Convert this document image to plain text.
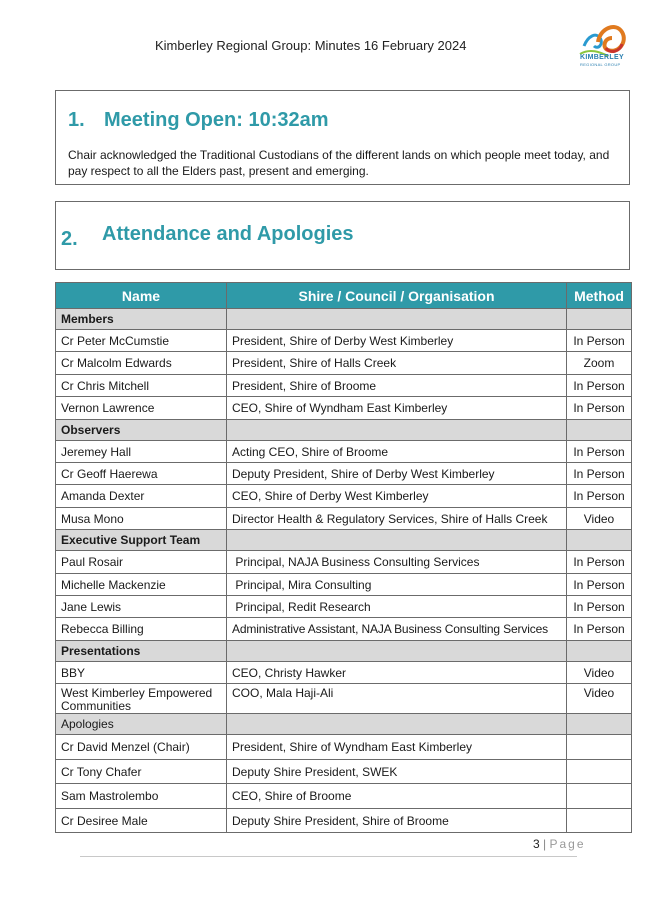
Kimberley Regional Group: Minutes 16 February 2024
KIMBERLEY
REGIONAL GROUP
1. Meeting Open: 10:32am
Chair acknowledged the Traditional Custodians of the different lands on which people meet today, and pay respect to all the Elders past, present and emerging.
2. Attendance and Apologies
Name	Shire / Council / Organisation	Method
Members		
Cr Peter McCumstie	President, Shire of Derby West Kimberley	In Person
Cr Malcolm Edwards	President, Shire of Halls Creek	Zoom
Cr Chris Mitchell	President, Shire of Broome	In Person
Vernon Lawrence	CEO, Shire of Wyndham East Kimberley	In Person
Observers		
Jeremey Hall	Acting CEO, Shire of Broome	In Person
Cr Geoff Haerewa	Deputy President, Shire of Derby West Kimberley	In Person
Amanda Dexter	CEO, Shire of Derby West Kimberley	In Person
Musa Mono	Director Health & Regulatory Services, Shire of Halls Creek	Video
Executive Support Team		
Paul Rosair	Principal, NAJA Business Consulting Services	In Person
Michelle Mackenzie	Principal, Mira Consulting	In Person
Jane Lewis	Principal, Redit Research	In Person
Rebecca Billing	Administrative Assistant, NAJA Business Consulting Services	In Person
Presentations		
BBY	CEO, Christy Hawker	Video
West Kimberley Empowered Communities	COO, Mala Haji-Ali	Video
Apologies		
Cr David Menzel (Chair)	President, Shire of Wyndham East Kimberley	
Cr Tony Chafer	Deputy Shire President, SWEK	
Sam Mastrolembo	CEO, Shire of Broome	
Cr Desiree Male	Deputy Shire President, Shire of Broome	
3 | Page
